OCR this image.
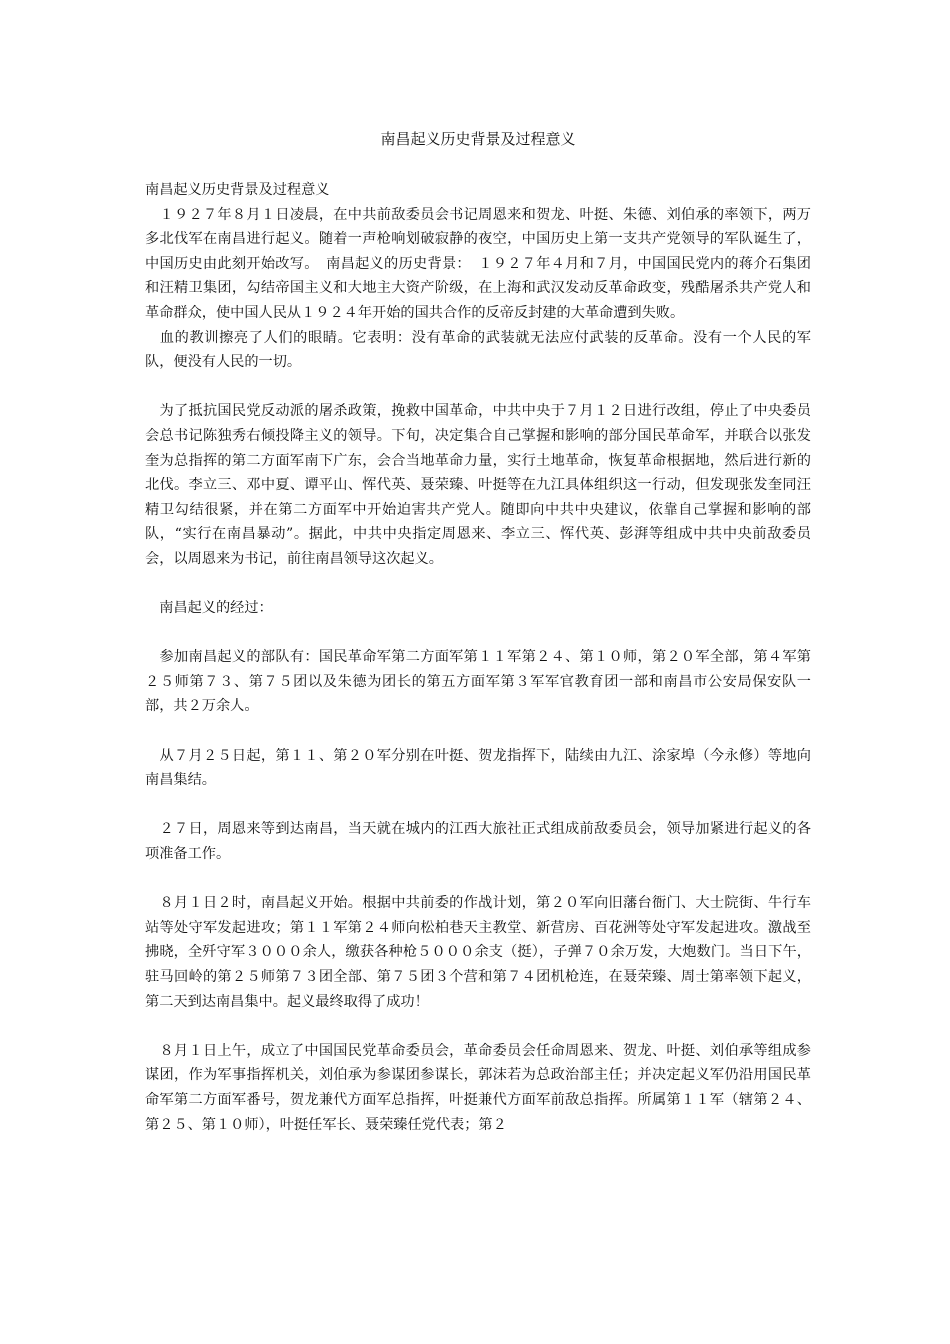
南昌起义历史背景及过程意义

南昌起义历史背景及过程意义

　１９２７年８月１日凌晨，在中共前敌委员会书记周恩来和贺龙、叶挺、朱德、刘伯承的率领下，两万多北伐军在南昌进行起义。随着一声枪响划破寂静的夜空，中国历史上第一支共产党领导的军队诞生了，中国历史由此刻开始改写。　南昌起义的历史背景：　１９２７年４月和７月，中国国民党内的蒋介石集团和汪精卫集团，勾结帝国主义和大地主大资产阶级，在上海和武汉发动反革命政变，残酷屠杀共产党人和革命群众，使中国人民从１９２４年开始的国共合作的反帝反封建的大革命遭到失败。

　血的教训擦亮了人们的眼睛。它表明：没有革命的武装就无法应付武装的反革命。没有一个人民的军队，便没有人民的一切。

　为了抵抗国民党反动派的屠杀政策，挽救中国革命，中共中央于７月１２日进行改组，停止了中央委员会总书记陈独秀右倾投降主义的领导。下旬，决定集合自己掌握和影响的部分国民革命军，并联合以张发奎为总指挥的第二方面军南下广东，会合当地革命力量，实行土地革命，恢复革命根据地，然后进行新的北伐。李立三、邓中夏、谭平山、恽代英、聂荣臻、叶挺等在九江具体组织这一行动，但发现张发奎同汪精卫勾结很紧，并在第二方面军中开始迫害共产党人。随即向中共中央建议，依靠自己掌握和影响的部队，“实行在南昌暴动”。据此，中共中央指定周恩来、李立三、恽代英、彭湃等组成中共中央前敌委员会，以周恩来为书记，前往南昌领导这次起义。

　南昌起义的经过：

　参加南昌起义的部队有：国民革命军第二方面军第１１军第２４、第１０师，第２０军全部，第４军第２５师第７３、第７５团以及朱德为团长的第五方面军第３军军官教育团一部和南昌市公安局保安队一部，共２万余人。

　从７月２５日起，第１１、第２０军分别在叶挺、贺龙指挥下，陆续由九江、涂家埠（今永修）等地向南昌集结。

　２７日，周恩来等到达南昌，当天就在城内的江西大旅社正式组成前敌委员会，领导加紧进行起义的各项准备工作。

　８月１日２时，南昌起义开始。根据中共前委的作战计划，第２０军向旧藩台衙门、大士院街、牛行车站等处守军发起进攻；第１１军第２４师向松柏巷天主教堂、新营房、百花洲等处守军发起进攻。激战至拂晓，全歼守军３０００余人，缴获各种枪５０００余支（挺），子弹７０余万发，大炮数门。当日下午，驻马回岭的第２５师第７３团全部、第７５团３个营和第７４团机枪连，在聂荣臻、周士第率领下起义，第二天到达南昌集中。起义最终取得了成功！

　８月１日上午，成立了中国国民党革命委员会，革命委员会任命周恩来、贺龙、叶挺、刘伯承等组成参谋团，作为军事指挥机关，刘伯承为参谋团参谋长，郭沫若为总政治部主任；并决定起义军仍沿用国民革命军第二方面军番号，贺龙兼代方面军总指挥，叶挺兼代方面军前敌总指挥。所属第１１军（辖第２４、第２５、第１０师），叶挺任军长、聂荣臻任党代表；第２
